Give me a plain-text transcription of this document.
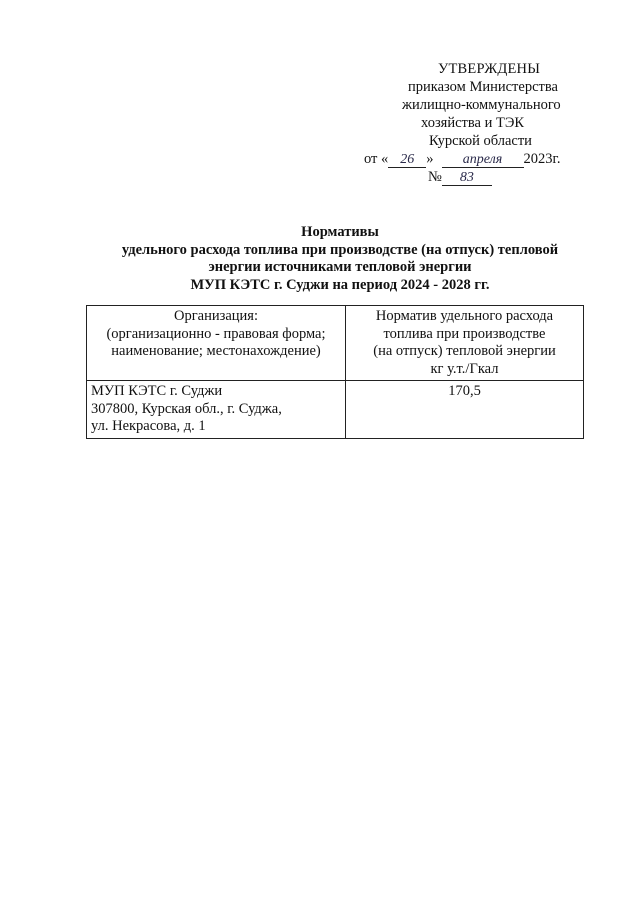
УТВЕРЖДЕНЫ
приказом Министерства
жилищно-коммунального
хозяйства и ТЭК
Курской области
от « 26 » апреля 2023г.
№ 83
Нормативы
удельного расхода топлива при производстве (на отпуск) тепловой
энергии источниками тепловой энергии
МУП КЭТС г. Суджи на период 2024 - 2028 гг.
Организация:
(организационно - правовая форма;
наименование; местонахождение)	Норматив удельного расхода
топлива при производстве
(на отпуск) тепловой энергии
кг у.т./Гкал

МУП КЭТС г. Суджи
307800, Курская обл., г. Суджа,
ул. Некрасова, д. 1	170,5
